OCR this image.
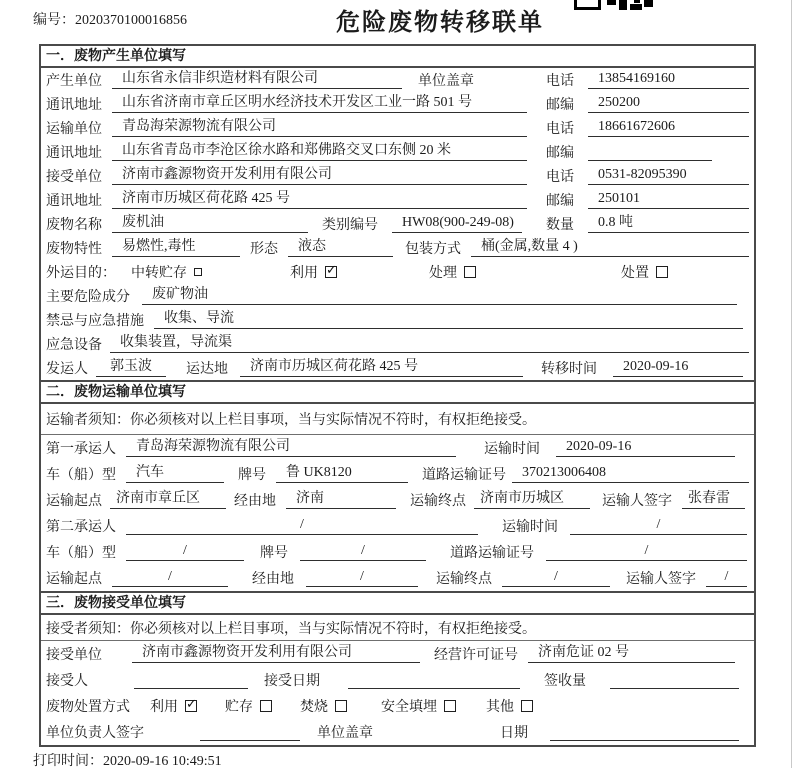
编号：2020370100016856	危险废物转移联单
一．废物产生单位填写
产生单位	山东省永信非织造材料有限公司	单位盖章	电话	13854169160
通讯地址	山东省济南市章丘区明水经济技术开发区工业一路 501 号	邮编	250200
运输单位	青岛海荣源物流有限公司	电话	18661672606
通讯地址	山东省青岛市李沧区徐水路和郑佛路交叉口东侧 20 米	邮编
接受单位	济南市鑫源物资开发利用有限公司	电话	0531-82095390
通讯地址	济南市历城区荷花路 425 号	邮编	250101
废物名称	废机油	类别编号	HW08(900-249-08)	数量	0.8 吨
废物特性	易燃性,毒性	形态	液态	包装方式	桶(金属,数量 4 )
外运目的：	中转贮存	利用 ✓	处理	处置
主要危险成分	废矿物油
禁忌与应急措施	收集、导流
应急设备	收集装置，导流渠
发运人	郭玉波	运达地	济南市历城区荷花路 425 号	转移时间	2020-09-16
二．废物运输单位填写
运输者须知：你必须核对以上栏目事项，当与实际情况不符时，有权拒绝接受。
第一承运人	青岛海荣源物流有限公司	运输时间	2020-09-16
车（船）型	汽车	牌号	鲁 UK8120	道路运输证号	370213006408
运输起点	济南市章丘区	经由地	济南	运输终点	济南市历城区	运输人签字	张春雷
第二承运人	/	运输时间	/
车（船）型	/	牌号	/	道路运输证号	/
运输起点	/	经由地	/	运输终点	/	运输人签字	/
三．废物接受单位填写
接受者须知：你必须核对以上栏目事项，当与实际情况不符时，有权拒绝接受。
接受单位	济南市鑫源物资开发利用有限公司	经营许可证号	济南危证 02 号
接受人	接受日期	签收量
废物处置方式 利用 ✓	贮存	焚烧	安全填埋	其他
单位负责人签字	单位盖章	日期
打印时间：2020-09-16 10:49:51
